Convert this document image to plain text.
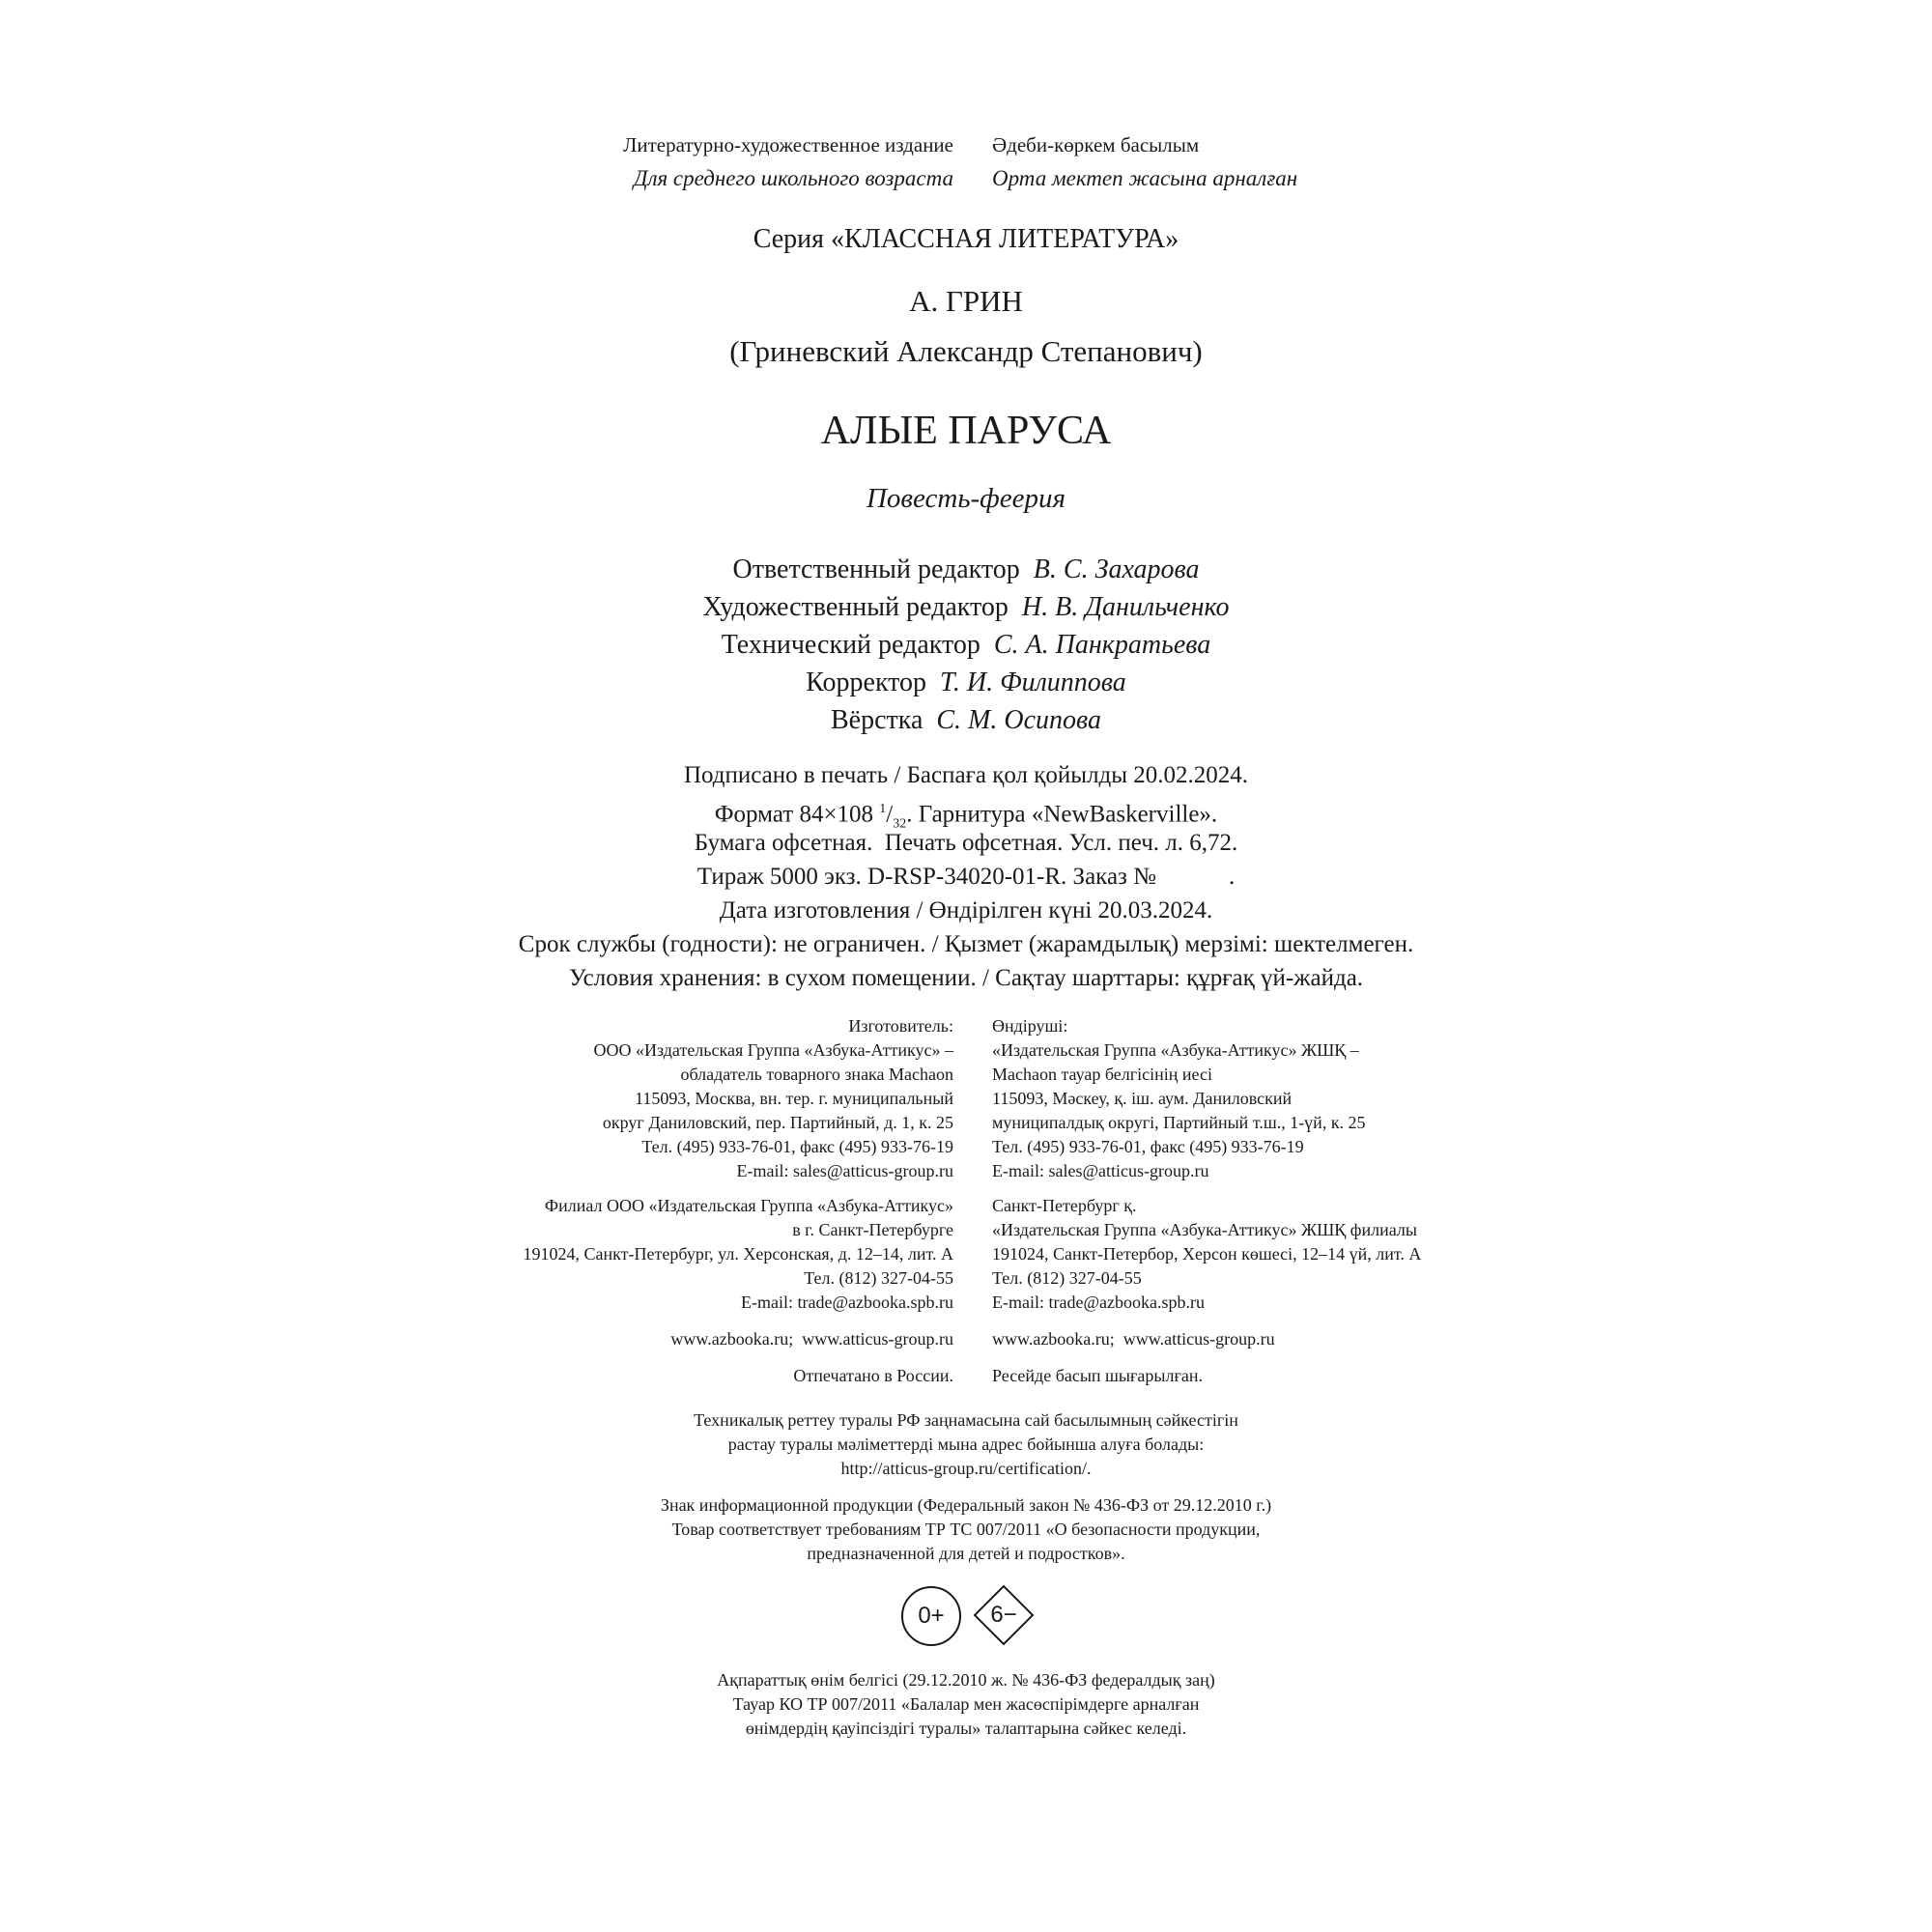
Литературно-художественное издание Әдеби-көркем басылым
Для среднего школьного возраста Орта мектеп жасына арналған
Серия «КЛАССНАЯ ЛИТЕРАТУРА»
А. ГРИН
(Гриневский Александр Степанович)
АЛЫЕ ПАРУСА
Повесть-феерия
Ответственный редактор В. С. Захарова
Художественный редактор Н. В. Данильченко
Технический редактор С. А. Панкратьева
Корректор Т. И. Филиппова
Вёрстка С. М. Осипова
Подписано в печать / Баспаға қол қойылды 20.02.2024.
Формат 84×108 $^1/_{32}$. Гарнитура «NewBaskerville».
Бумага офсетная.  Печать офсетная. Усл. печ. л. 6,72.
Тираж 5000 экз. D-RSP-34020-01-R. Заказ №            .
Дата изготовления / Өндірілген күні 20.03.2024.
Срок службы (годности): не ограничен. / Қызмет (жарамдылық) мерзімі: шектелмеген.
Условия хранения: в сухом помещении. / Сақтау шарттары: құрғақ үй-жайда.
Изготовитель:
ООО «Издательская Группа «Азбука-Аттикус» –
обладатель товарного знака Machaon
115093, Москва, вн. тер. г. муниципальный
округ Даниловский, пер. Партийный, д. 1, к. 25
Тел. (495) 933-76-01, факс (495) 933-76-19
E-mail: sales@atticus-group.ru
Өндіруші:
«Издательская Группа «Азбука-Аттикус» ЖШҚ –
Machaon тауар белгісінің иесі
115093, Мәскеу, қ. іш. аум. Даниловский
муниципалдық округі, Партийный т.ш., 1-үй, к. 25
Тел. (495) 933-76-01, факс (495) 933-76-19
E-mail: sales@atticus-group.ru
Филиал ООО «Издательская Группа «Азбука-Аттикус»
в г. Санкт-Петербурге
191024, Санкт-Петербург, ул. Херсонская, д. 12–14, лит. А
Тел. (812) 327-04-55
E-mail: trade@azbooka.spb.ru
Санкт-Петербург қ.
«Издательская Группа «Азбука-Аттикус» ЖШҚ филиалы
191024, Санкт-Петербор, Херсон көшесі, 12–14 үй, лит. А
Тел. (812) 327-04-55
E-mail: trade@azbooka.spb.ru
www.azbooka.ru;  www.atticus-group.ru www.azbooka.ru;  www.atticus-group.ru
Отпечатано в России. Ресейде басып шығарылған.
Техникалық реттеу туралы РФ заңнамасына сай басылымның сәйкестігін
растау туралы мәліметтерді мына адрес бойынша алуға болады:
http://atticus-group.ru/certification/.
Знак информационной продукции (Федеральный закон № 436-ФЗ от 29.12.2010 г.)
Товар соответствует требованиям ТР ТС 007/2011 «О безопасности продукции,
предназначенной для детей и подростков».
0+	6−
Ақпараттық өнім белгісі (29.12.2010 ж. № 436-ФЗ федералдық заң)
Тауар КО ТР 007/2011 «Балалар мен жасөспірімдерге арналған
өнімдердің қауіпсіздігі туралы» талаптарына сәйкес келеді.
